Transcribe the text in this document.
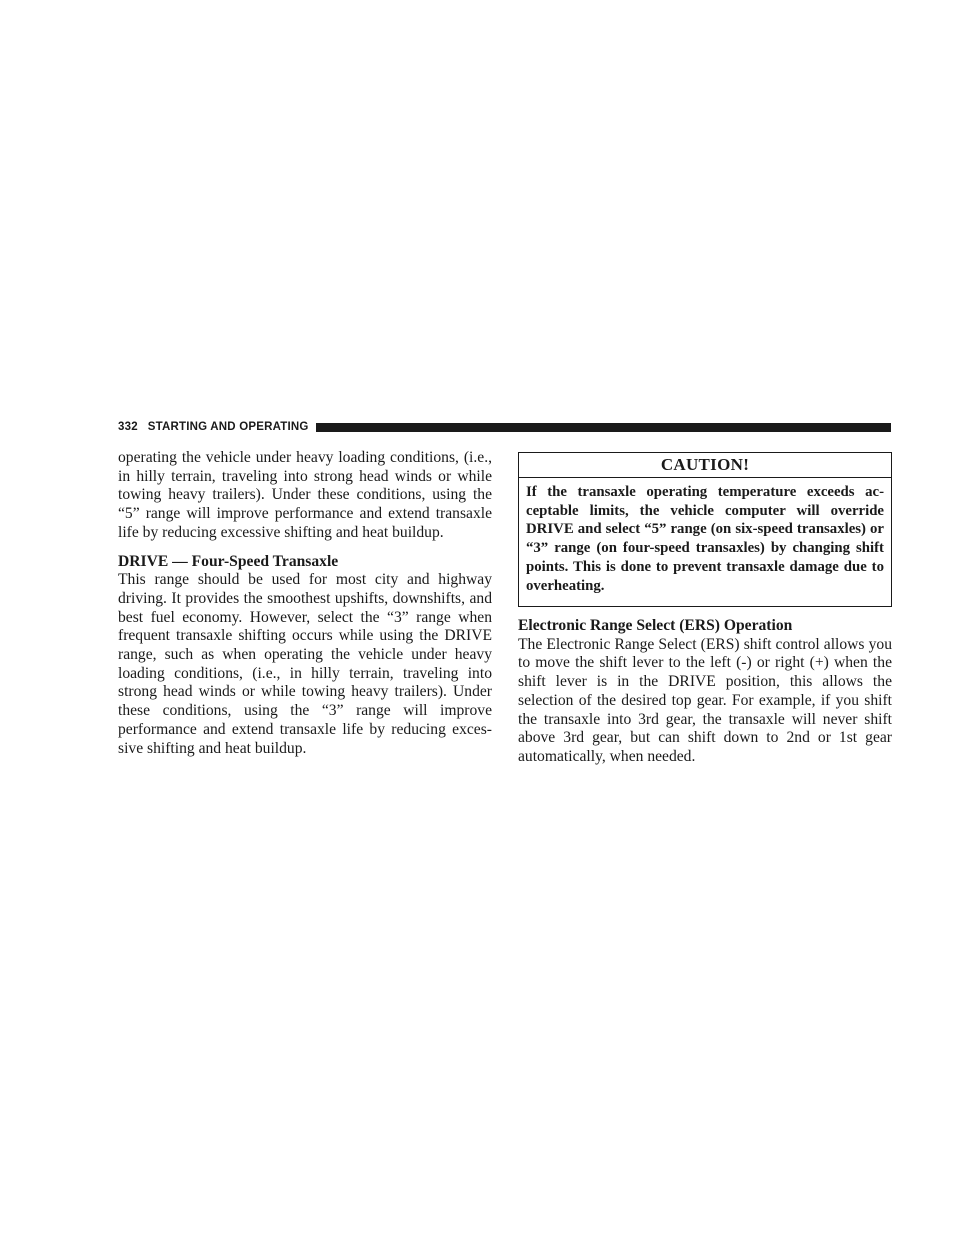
332 STARTING AND OPERATING

operating the vehicle under heavy loading conditions, (i.e., in hilly terrain, traveling into strong head winds or while towing heavy trailers). Under these conditions, using the “5” range will improve performance and extend transaxle life by reducing excessive shifting and heat buildup.

DRIVE — Four-Speed Transaxle

This range should be used for most city and highway driving. It provides the smoothest upshifts, downshifts, and best fuel economy. However, select the “3” range when frequent transaxle shifting occurs while using the DRIVE range, such as when operating the vehicle under heavy loading conditions, (i.e., in hilly terrain, traveling into strong head winds or while towing heavy trailers). Under these conditions, using the “3” range will improve performance and extend transaxle life by reducing excessive shifting and heat buildup.

CAUTION!
If the transaxle operating temperature exceeds acceptable limits, the vehicle computer will override DRIVE and select “5” range (on six-speed transaxles) or “3” range (on four-speed transaxles) by changing shift points. This is done to prevent transaxle damage due to overheating.
Electronic Range Select (ERS) Operation

The Electronic Range Select (ERS) shift control allows you to move the shift lever to the left (-) or right (+) when the shift lever is in the DRIVE position, this allows the selection of the desired top gear. For example, if you shift the transaxle into 3rd gear, the transaxle will never shift above 3rd gear, but can shift down to 2nd or 1st gear automatically, when needed.
